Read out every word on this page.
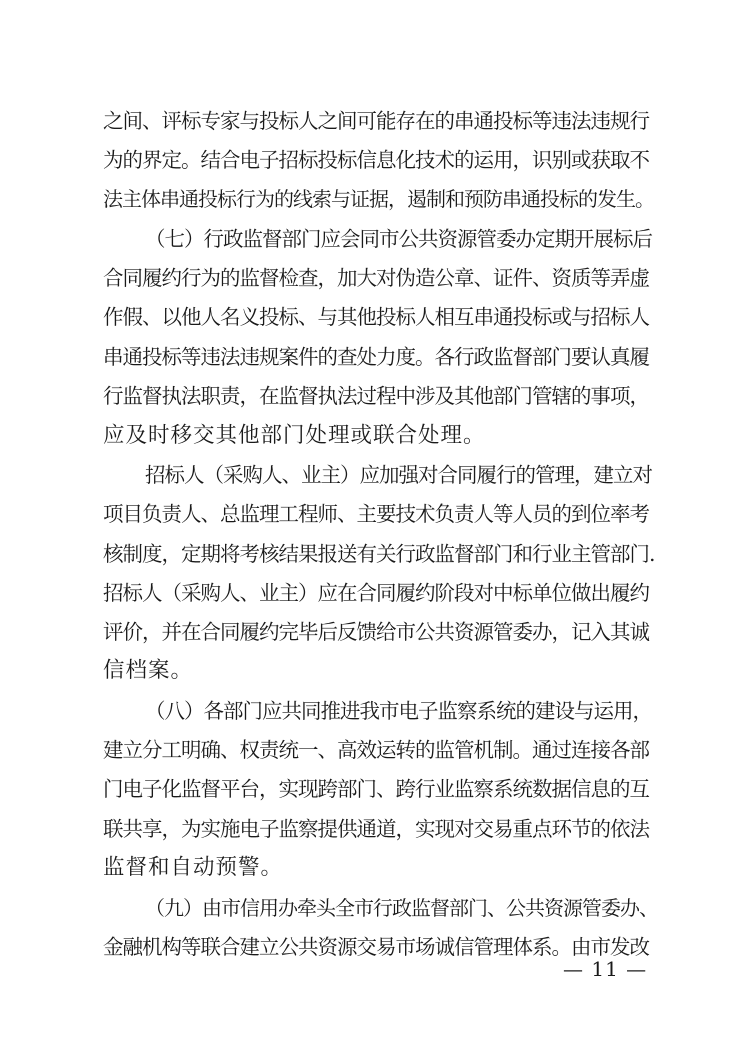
之间、评标专家与投标人之间可能存在的串通投标等违法违规行
为的界定。结合电子招标投标信息化技术的运用，识别或获取不
法主体串通投标行为的线索与证据，遏制和预防串通投标的发生。
（七）行政监督部门应会同市公共资源管委办定期开展标后
合同履约行为的监督检查，加大对伪造公章、证件、资质等弄虚
作假、以他人名义投标、与其他投标人相互串通投标或与招标人
串通投标等违法违规案件的查处力度。各行政监督部门要认真履
行监督执法职责，在监督执法过程中涉及其他部门管辖的事项，
应及时移交其他部门处理或联合处理。
招标人（采购人、业主）应加强对合同履行的管理，建立对
项目负责人、总监理工程师、主要技术负责人等人员的到位率考
核制度，定期将考核结果报送有关行政监督部门和行业主管部门.
招标人（采购人、业主）应在合同履约阶段对中标单位做出履约
评价，并在合同履约完毕后反馈给市公共资源管委办，记入其诚
信档案。
（八）各部门应共同推进我市电子监察系统的建设与运用，
建立分工明确、权责统一、高效运转的监管机制。通过连接各部
门电子化监督平台，实现跨部门、跨行业监察系统数据信息的互
联共享，为实施电子监察提供通道，实现对交易重点环节的依法
监督和自动预警。
（九）由市信用办牵头全市行政监督部门、公共资源管委办、
金融机构等联合建立公共资源交易市场诚信管理体系。由市发改
— 11 —
